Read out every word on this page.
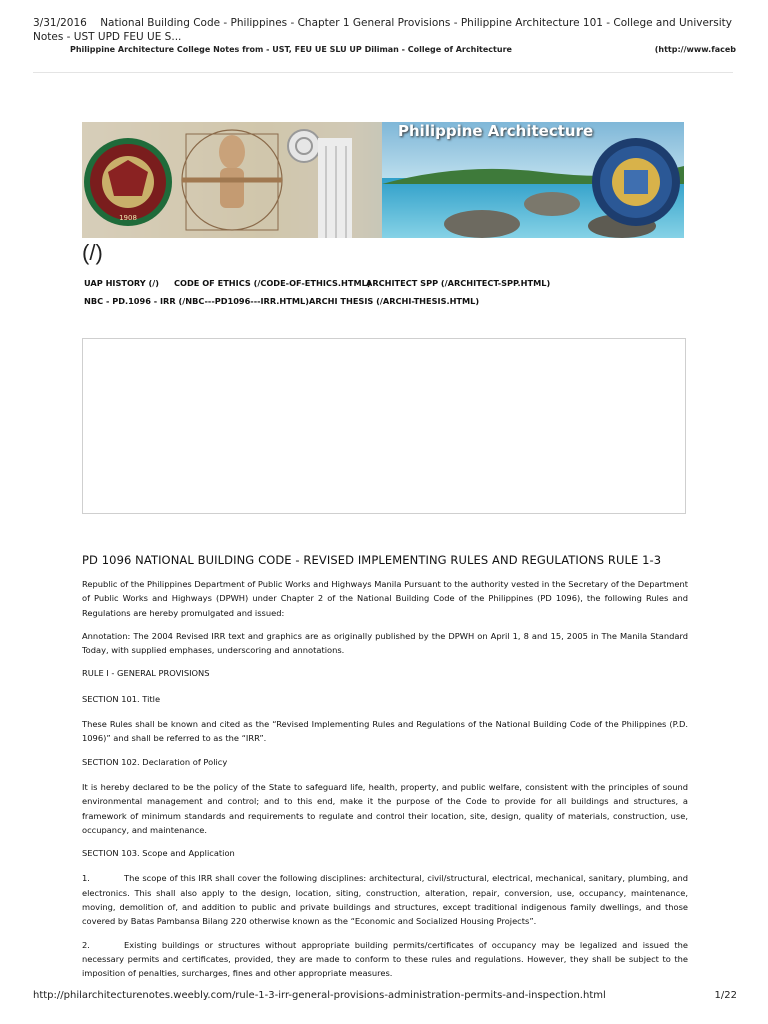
3/31/2016 National Building Code - Philippines - Chapter 1 General Provisions - Philippine Architecture 101 - College and University Notes - UST UPD FEU UE S...
Philippine Architecture College Notes from - UST, FEU UE SLU UP Diliman - College of Architecture	(http://www.faceb
1908
Philippine Architecture
(/)
UAP HISTORY (/) CODE OF ETHICS (/CODE-OF-ETHICS.HTML)
ARCHITECT SPP (/ARCHITECT-SPP.HTML)
NBC - PD.1096 - IRR (/NBC---PD1096---IRR.HTML) ARCHI THESIS (/ARCHI-THESIS.HTML)
PD 1096 NATIONAL BUILDING CODE - REVISED IMPLEMENTING RULES AND REGULATIONS RULE 1-3

Republic of the Philippines Department of Public Works and Highways Manila Pursuant to the authority vested in the Secretary of the Department of Public Works and Highways (DPWH) under Chapter 2 of the National Building Code of the Philippines (PD 1096), the following Rules and Regulations are hereby promulgated and issued:

Annotation: The 2004 Revised IRR text and graphics are as originally published by the DPWH on April 1, 8 and 15, 2005 in The Manila Standard Today, with supplied emphases, underscoring and annotations.

RULE I - GENERAL PROVISIONS

SECTION 101. Title

These Rules shall be known and cited as the “Revised Implementing Rules and Regulations of the National Building Code of the Philippines (P.D. 1096)” and shall be referred to as the “IRR”.

SECTION 102. Declaration of Policy

It is hereby declared to be the policy of the State to safeguard life, health, property, and public welfare, consistent with the principles of sound environmental management and control; and to this end, make it the purpose of the Code to provide for all buildings and structures, a framework of minimum standards and requirements to regulate and control their location, site, design, quality of materials, construction, use, occupancy, and maintenance.

SECTION 103. Scope and Application

1.	The scope of this IRR shall cover the following disciplines: architectural, civil/structural, electrical, mechanical, sanitary, plumbing, and electronics. This shall also apply to the design, location, siting, construction, alteration, repair, conversion, use, occupancy, maintenance, moving, demolition of, and addition to public and private buildings and structures, except traditional indigenous family dwellings, and those covered by Batas Pambansa Bilang 220 otherwise known as the “Economic and Socialized Housing Projects”.

2.	Existing buildings or structures without appropriate building permits/certificates of occupancy may be legalized and issued the necessary permits and certificates, provided, they are made to conform to these rules and regulations. However, they shall be subject to the imposition of penalties, surcharges, fines and other appropriate measures.

http://philarchitecturenotes.weebly.com/rule-1-3-irr-general-provisions-administration-permits-and-inspection.html	1/22
